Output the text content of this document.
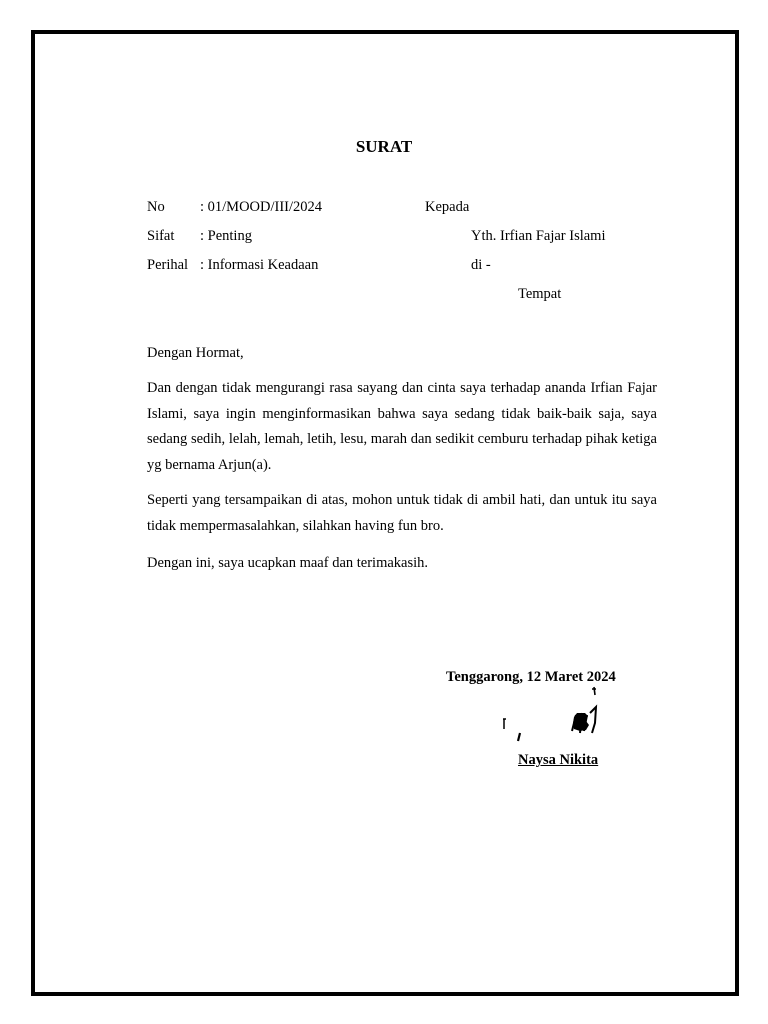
SURAT
No : 01/MOOD/III/2024
Sifat : Penting
Perihal : Informasi Keadaan
Kepada
Yth. Irfian Fajar Islami
di -
Tempat
Dengan Hormat,
Dan dengan tidak mengurangi rasa sayang dan cinta saya terhadap ananda Irfian Fajar Islami, saya ingin menginformasikan bahwa saya sedang tidak baik-baik saja, saya sedang sedih, lelah, lemah, letih, lesu, marah dan sedikit cemburu terhadap pihak ketiga yg bernama Arjun(a).
Seperti yang tersampaikan di atas, mohon untuk tidak di ambil hati, dan untuk itu saya tidak mempermasalahkan, silahkan having fun bro.
Dengan ini, saya ucapkan maaf dan terimakasih.
Tenggarong, 12 Maret 2024
Naysa Nikita
